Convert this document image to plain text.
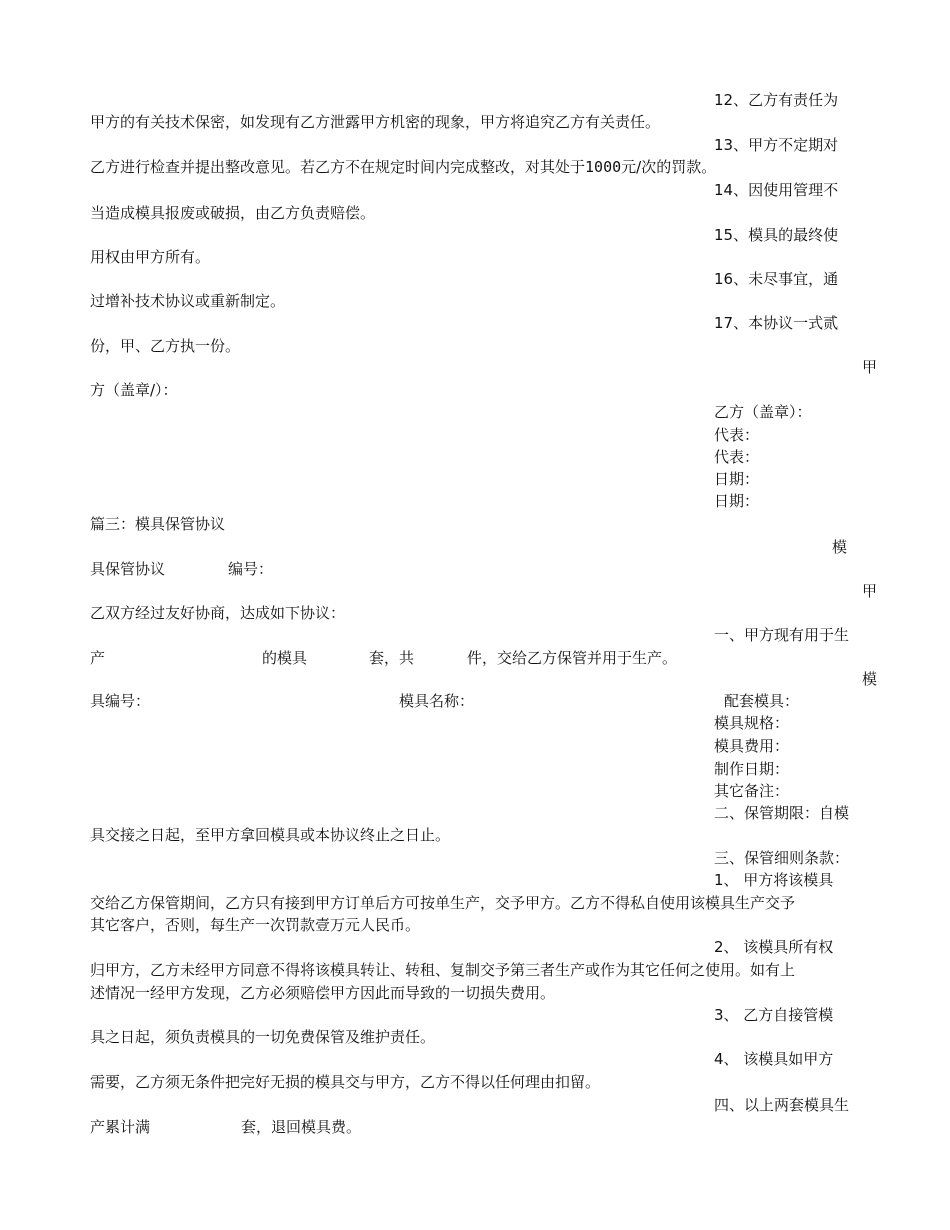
12、乙方有责任为
甲方的有关技术保密，如发现有乙方泄露甲方机密的现象，甲方将追究乙方有关责任。
13、甲方不定期对
乙方进行检查并提出整改意见。若乙方不在规定时间内完成整改，对其处于1000元/次的罚款。
14、因使用管理不
当造成模具报废或破损，由乙方负责赔偿。
15、模具的最终使
用权由甲方所有。
16、未尽事宜，通
过增补技术协议或重新制定。
17、本协议一式贰
份，甲、乙方执一份。
甲
方（盖章/）：
乙方（盖章）：
代表：
代表：
日期：
日期：
篇三：模具保管协议
模
具保管协议	编号：
甲
乙双方经过友好协商，达成如下协议：
一、甲方现有用于生
产	的模具	套，共	件，交给乙方保管并用于生产。
模
具编号：	模具名称：	配套模具：
模具规格：
模具费用：
制作日期：
其它备注：
二、保管期限：自模
具交接之日起，至甲方拿回模具或本协议终止之日止。
三、保管细则条款：
1、 甲方将该模具
交给乙方保管期间，乙方只有接到甲方订单后方可按单生产，交予甲方。乙方不得私自使用该模具生产交予
其它客户，否则，每生产一次罚款壹万元人民币。
2、 该模具所有权
归甲方，乙方未经甲方同意不得将该模具转让、转租、复制交予第三者生产或作为其它任何之使用。如有上
述情况一经甲方发现，乙方必须赔偿甲方因此而导致的一切损失费用。
3、 乙方自接管模
具之日起，须负责模具的一切免费保管及维护责任。
4、 该模具如甲方
需要，乙方须无条件把完好无损的模具交与甲方，乙方不得以任何理由扣留。
四、以上两套模具生
产累计满	套，退回模具费。
